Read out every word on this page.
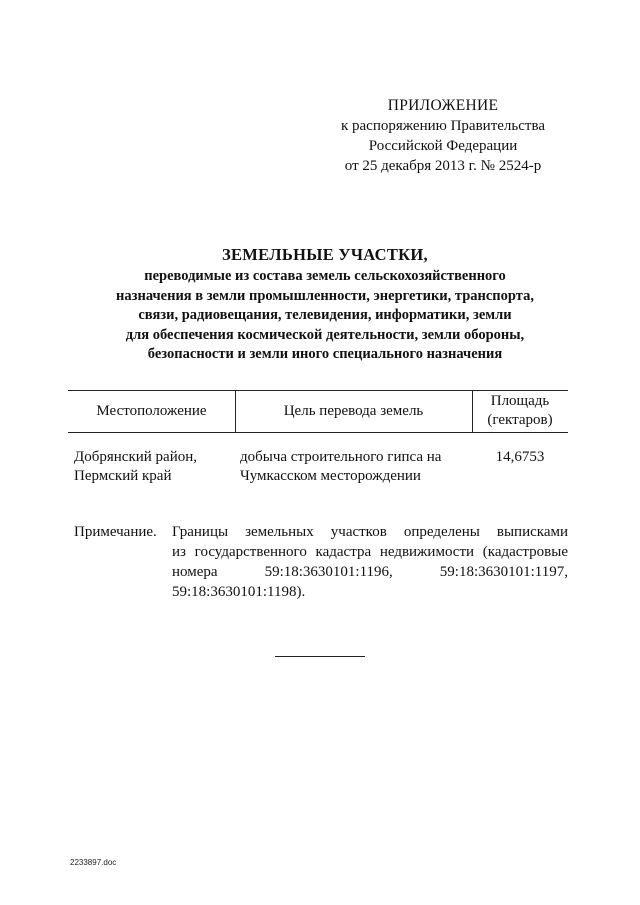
ПРИЛОЖЕНИЕ
к распоряжению Правительства
Российской Федерации
от 25 декабря 2013 г. № 2524-р
ЗЕМЕЛЬНЫЕ УЧАСТКИ,
переводимые из состава земель сельскохозяйственного
назначения в земли промышленности, энергетики, транспорта,
связи, радиовещания, телевидения, информатики, земли
для обеспечения космической деятельности, земли обороны,
безопасности и земли иного специального назначения
Местоположение	Цель перевода земель
Площадь
(гектаров)
Добрянский район,
Пермский край
добыча строительного гипса на
Чумкасском месторождении
14,6753
Примечание. Границы земельных участков определены выписками
из государственного кадастра недвижимости (кадастровые
номера 59:18:3630101:1196, 59:18:3630101:1197,
59:18:3630101:1198).
2233897.doc
